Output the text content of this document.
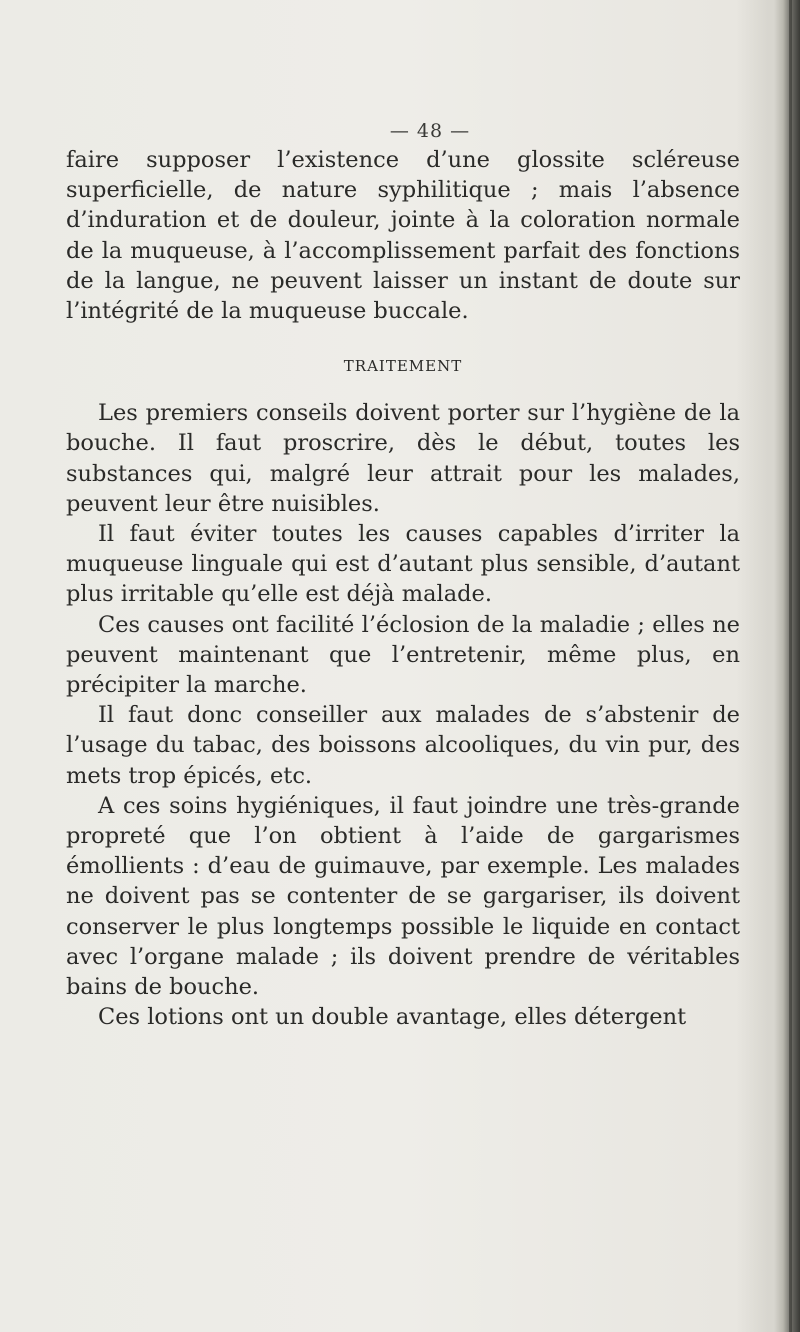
— 48 —

faire supposer l’existence d’une glossite scléreuse superficielle, de nature syphilitique ; mais l’absence d’induration et de douleur, jointe à la coloration normale de la muqueuse, à l’accomplissement parfait des fonctions de la langue, ne peuvent laisser un instant de doute sur l’intégrité de la muqueuse buccale.

TRAITEMENT

Les premiers conseils doivent porter sur l’hygiène de la bouche. Il faut proscrire, dès le début, toutes les substances qui, malgré leur attrait pour les malades, peuvent leur être nuisibles.

Il faut éviter toutes les causes capables d’irriter la muqueuse linguale qui est d’autant plus sensible, d’autant plus irritable qu’elle est déjà malade.

Ces causes ont facilité l’éclosion de la maladie ; elles ne peuvent maintenant que l’entretenir, même plus, en précipiter la marche.

Il faut donc conseiller aux malades de s’abstenir de l’usage du tabac, des boissons alcooliques, du vin pur, des mets trop épicés, etc.

A ces soins hygiéniques, il faut joindre une très-grande propreté que l’on obtient à l’aide de gargarismes émollients : d’eau de guimauve, par exemple. Les malades ne doivent pas se contenter de se gargariser, ils doivent conserver le plus longtemps possible le liquide en contact avec l’organe malade ; ils doivent prendre de véritables bains de bouche.

Ces lotions ont un double avantage, elles détergent
